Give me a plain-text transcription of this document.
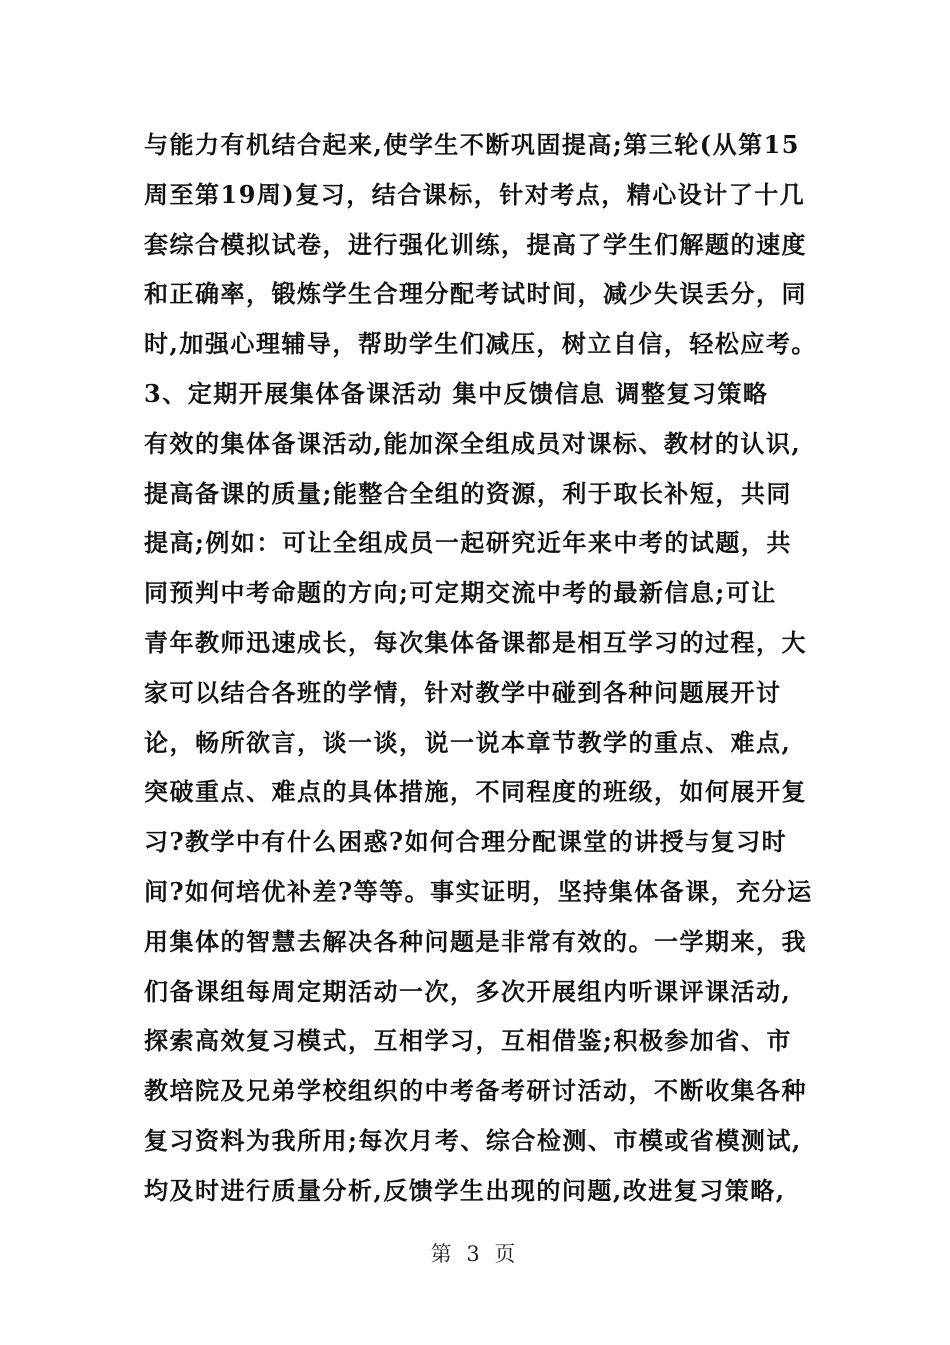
与能力有机结合起来,使学生不断巩固提高;第三轮(从第15
周至第19周)复习，结合课标，针对考点，精心设计了十几
套综合模拟试卷，进行强化训练，提高了学生们解题的速度
和正确率，锻炼学生合理分配考试时间，减少失误丢分，同
时,加强心理辅导，帮助学生们减压，树立自信，轻松应考。
3、定期开展集体备课活动 集中反馈信息 调整复习策略
有效的集体备课活动,能加深全组成员对课标、教材的认识,
提高备课的质量;能整合全组的资源，利于取长补短，共同
提高;例如：可让全组成员一起研究近年来中考的试题，共
同预判中考命题的方向;可定期交流中考的最新信息;可让
青年教师迅速成长，每次集体备课都是相互学习的过程，大
家可以结合各班的学情，针对教学中碰到各种问题展开讨
论，畅所欲言，谈一谈，说一说本章节教学的重点、难点,
突破重点、难点的具体措施，不同程度的班级，如何展开复
习?教学中有什么困惑?如何合理分配课堂的讲授与复习时
间?如何培优补差?等等。事实证明，坚持集体备课，充分运
用集体的智慧去解决各种问题是非常有效的。一学期来，我
们备课组每周定期活动一次，多次开展组内听课评课活动,
探索高效复习模式，互相学习，互相借鉴;积极参加省、市
教培院及兄弟学校组织的中考备考研讨活动，不断收集各种
复习资料为我所用;每次月考、综合检测、市模或省模测试,
均及时进行质量分析,反馈学生出现的问题,改进复习策略,
第 3 页
